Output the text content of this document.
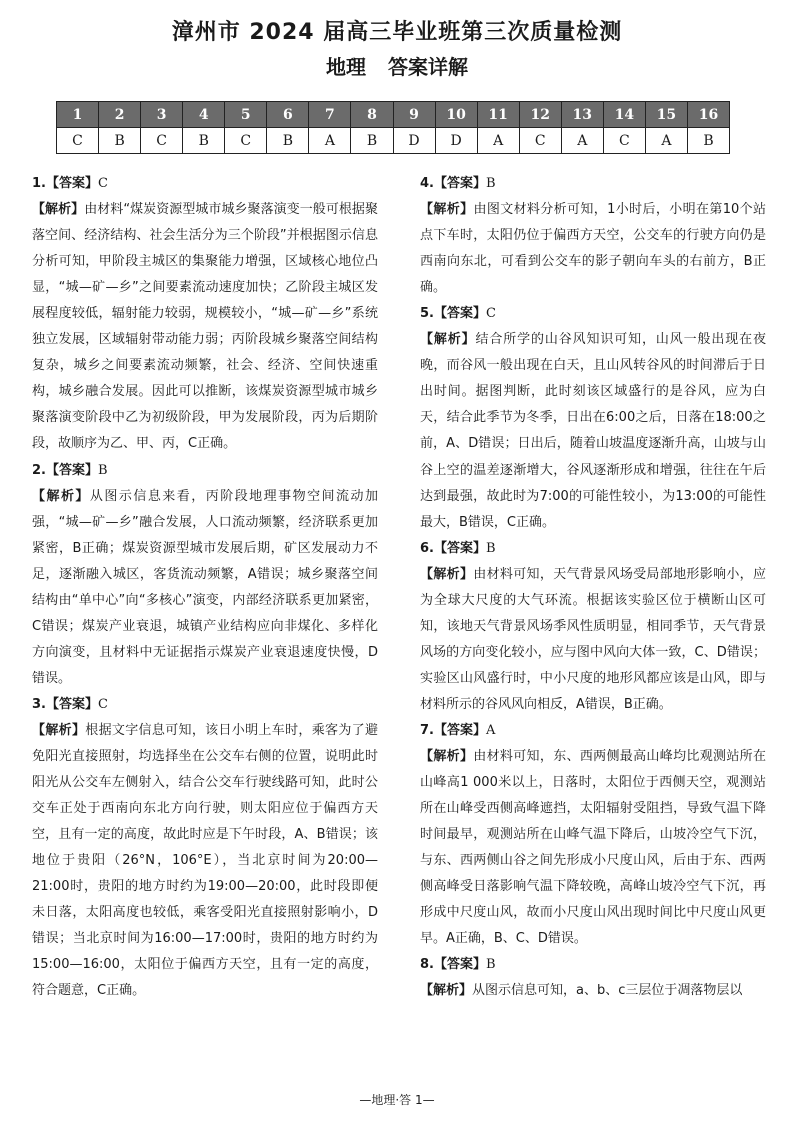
漳州市 2024 届高三毕业班第三次质量检测
地理 答案详解
1	2	3	4	5	6	7	8	9	10	11	12	13	14	15	16
C	B	C	B	C	B	A	B	D	D	A	C	A	C	A	B

1.【答案】C

【解析】由材料“煤炭资源型城市城乡聚落演变一般可根据聚落空间、经济结构、社会生活分为三个阶段”并根据图示信息分析可知，甲阶段主城区的集聚能力增强，区域核心地位凸显，“城—矿—乡”之间要素流动速度加快；乙阶段主城区发展程度较低，辐射能力较弱，规模较小，“城—矿—乡”系统独立发展，区域辐射带动能力弱；丙阶段城乡聚落空间结构复杂，城乡之间要素流动频繁，社会、经济、空间快速重构，城乡融合发展。因此可以推断，该煤炭资源型城市城乡聚落演变阶段中乙为初级阶段，甲为发展阶段，丙为后期阶段，故顺序为乙、甲、丙，C正确。

2.【答案】B

【解析】从图示信息来看，丙阶段地理事物空间流动加强，“城—矿—乡”融合发展，人口流动频繁，经济联系更加紧密，B正确；煤炭资源型城市发展后期，矿区发展动力不足，逐渐融入城区，客货流动频繁，A错误；城乡聚落空间结构由“单中心”向“多核心”演变，内部经济联系更加紧密，C错误；煤炭产业衰退，城镇产业结构应向非煤化、多样化方向演变，且材料中无证据指示煤炭产业衰退速度快慢，D错误。

3.【答案】C

【解析】根据文字信息可知，该日小明上车时，乘客为了避免阳光直接照射，均选择坐在公交车右侧的位置，说明此时阳光从公交车左侧射入，结合公交车行驶线路可知，此时公交车正处于西南向东北方向行驶，则太阳应位于偏西方天空，且有一定的高度，故此时应是下午时段，A、B错误；该地位于贵阳（26°N，106°E），当北京时间为20:00—21:00时，贵阳的地方时约为19:00—20:00，此时段即便未日落，太阳高度也较低，乘客受阳光直接照射影响小，D错误；当北京时间为16:00—17:00时，贵阳的地方时约为15:00—16:00，太阳位于偏西方天空，且有一定的高度，符合题意，C正确。

4.【答案】B

【解析】由图文材料分析可知，1小时后，小明在第10个站点下车时，太阳仍位于偏西方天空，公交车的行驶方向仍是西南向东北，可看到公交车的影子朝向车头的右前方，B正确。

5.【答案】C

【解析】结合所学的山谷风知识可知，山风一般出现在夜晚，而谷风一般出现在白天，且山风转谷风的时间滞后于日出时间。据图判断，此时刻该区域盛行的是谷风，应为白天，结合此季节为冬季，日出在6:00之后，日落在18:00之前，A、D错误；日出后，随着山坡温度逐渐升高，山坡与山谷上空的温差逐渐增大，谷风逐渐形成和增强，往往在午后达到最强，故此时为7:00的可能性较小，为13:00的可能性最大，B错误，C正确。

6.【答案】B

【解析】由材料可知，天气背景风场受局部地形影响小，应为全球大尺度的大气环流。根据该实验区位于横断山区可知，该地天气背景风场季风性质明显，相同季节，天气背景风场的方向变化较小，应与图中风向大体一致，C、D错误；实验区山风盛行时，中小尺度的地形风都应该是山风，即与材料所示的谷风风向相反，A错误，B正确。

7.【答案】A

【解析】由材料可知，东、西两侧最高山峰均比观测站所在山峰高1 000米以上，日落时，太阳位于西侧天空，观测站所在山峰受西侧高峰遮挡，太阳辐射受阻挡，导致气温下降时间最早，观测站所在山峰气温下降后，山坡冷空气下沉，与东、西两侧山谷之间先形成小尺度山风，后由于东、西两侧高峰受日落影响气温下降较晚，高峰山坡冷空气下沉，再形成中尺度山风，故而小尺度山风出现时间比中尺度山风更早。A正确，B、C、D错误。

8.【答案】B

【解析】从图示信息可知，a、b、c三层位于凋落物层以

—地理·答 1—
